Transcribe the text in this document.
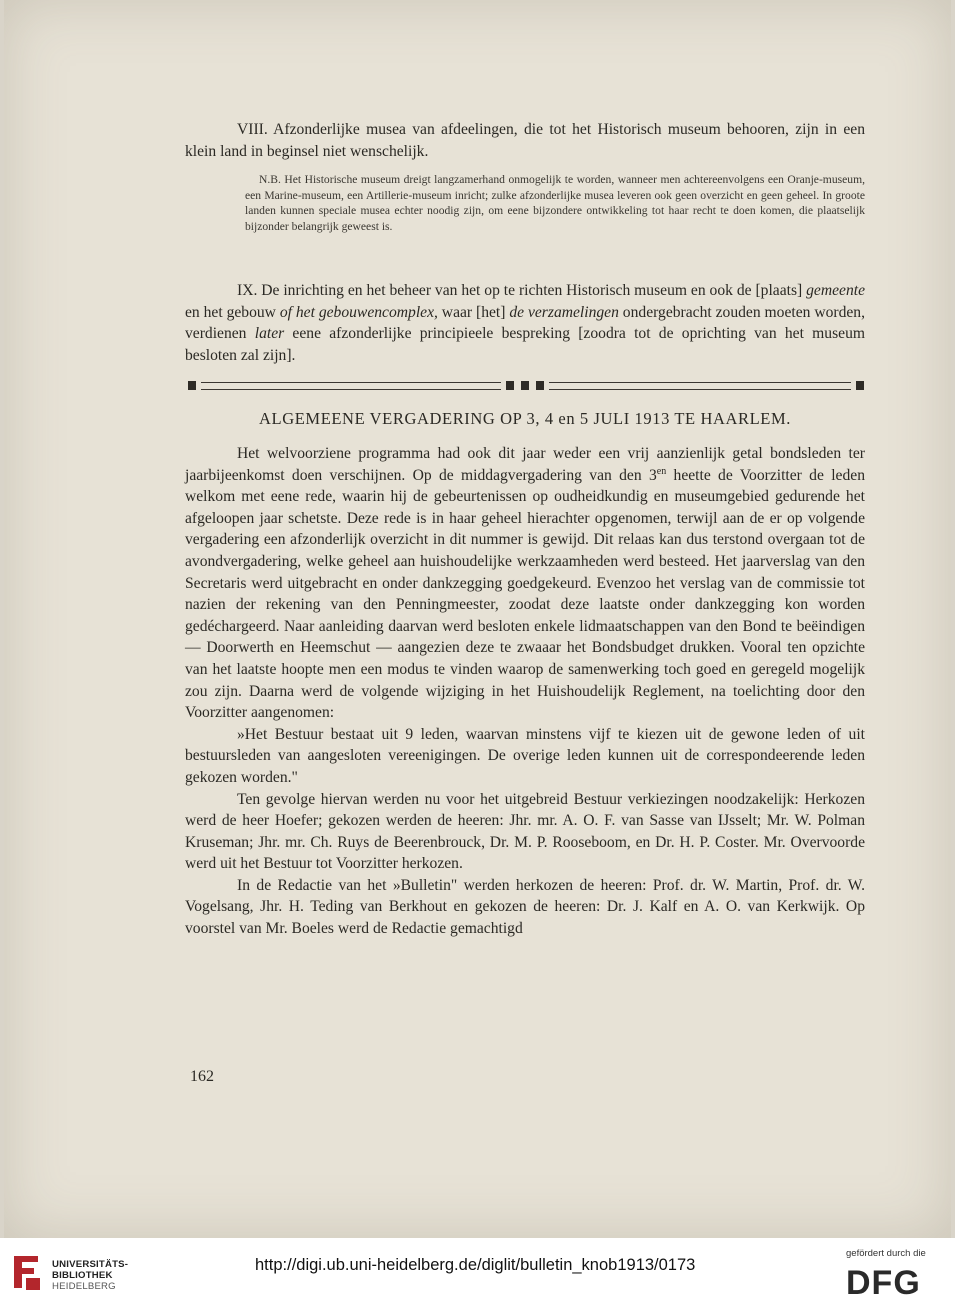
VIII. Afzonderlijke musea van afdeelingen, die tot het Historisch museum behooren, zijn in een klein land in beginsel niet wenschelijk.

N.B. Het Historische museum dreigt langzamerhand onmogelijk te worden, wanneer men achtereenvolgens een Oranje-museum, een Marine-museum, een Artillerie-museum inricht; zulke afzonderlijke musea leveren ook geen overzicht en geen geheel. In groote landen kunnen speciale musea echter noodig zijn, om eene bijzondere ontwikkeling tot haar recht te doen komen, die plaatselijk bijzonder belangrijk geweest is.

IX. De inrichting en het beheer van het op te richten Historisch museum en ook de [plaats] gemeente en het gebouw of het gebouwencomplex, waar [het] de verzamelingen ondergebracht zouden moeten worden, verdienen later eene afzonderlijke principieele bespreking [zoodra tot de oprichting van het museum besloten zal zijn].

ALGEMEENE VERGADERING OP 3, 4 en 5 JULI 1913 TE HAARLEM.

Het welvoorziene programma had ook dit jaar weder een vrij aanzienlijk getal bondsleden ter jaarbijeenkomst doen verschijnen. Op de middagvergadering van den $3^{en}$ heette de Voorzitter de leden welkom met eene rede, waarin hij de gebeurtenissen op oudheidkundig en museumgebied gedurende het afgeloopen jaar schetste. Deze rede is in haar geheel hierachter opgenomen, terwijl aan de er op volgende vergadering een afzonderlijk overzicht in dit nummer is gewijd. Dit relaas kan dus terstond overgaan tot de avondvergadering, welke geheel aan huishoudelijke werkzaamheden werd besteed. Het jaarverslag van den Secretaris werd uitgebracht en onder dankzegging goedgekeurd. Evenzoo het verslag van de commissie tot nazien der rekening van den Penningmeester, zoodat deze laatste onder dankzegging kon worden gedéchargeerd. Naar aanleiding daarvan werd besloten enkele lidmaatschappen van den Bond te beëindigen — Doorwerth en Heemschut — aangezien deze te zwaaar het Bondsbudget drukken. Vooral ten opzichte van het laatste hoopte men een modus te vinden waarop de samenwerking toch goed en geregeld mogelijk zou zijn. Daarna werd de volgende wijziging in het Huishoudelijk Reglement, na toelichting door den Voorzitter aangenomen:

»Het Bestuur bestaat uit 9 leden, waarvan minstens vijf te kiezen uit de gewone leden of uit bestuursleden van aangesloten vereenigingen. De overige leden kunnen uit de correspondeerende leden gekozen worden."

Ten gevolge hiervan werden nu voor het uitgebreid Bestuur verkiezingen noodzakelijk: Herkozen werd de heer Hoefer; gekozen werden de heeren: Jhr. mr. A. O. F. van Sasse van IJsselt; Mr. W. Polman Kruseman; Jhr. mr. Ch. Ruys de Beerenbrouck, Dr. M. P. Rooseboom, en Dr. H. P. Coster. Mr. Overvoorde werd uit het Bestuur tot Voorzitter herkozen.

In de Redactie van het »Bulletin" werden herkozen de heeren: Prof. dr. W. Martin, Prof. dr. W. Vogelsang, Jhr. H. Teding van Berkhout en gekozen de heeren: Dr. J. Kalf en A. O. van Kerkwijk. Op voorstel van Mr. Boeles werd de Redactie gemachtigd

162
UNIVERSITÄTS-
BIBLIOTHEK
HEIDELBERG
http://digi.ub.uni-heidelberg.de/diglit/bulletin_knob1913/0173
gefördert durch die
DFG
